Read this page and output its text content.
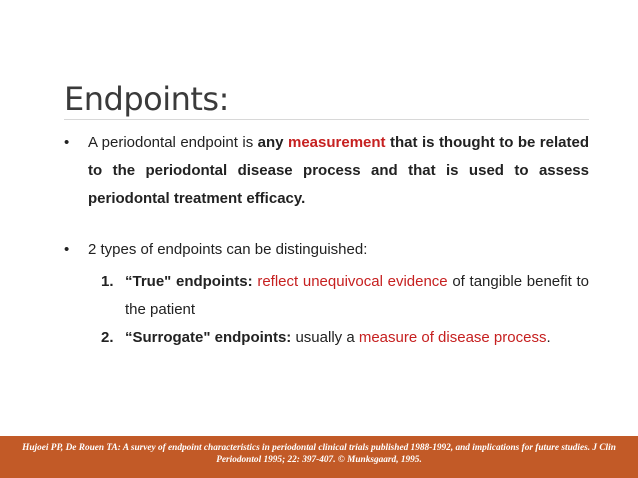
Endpoints:
• A periodontal endpoint is any measurement that is thought to be related to the periodontal disease process and that is used to assess periodontal treatment efficacy.
• 2 types of endpoints can be distinguished:
1. “True" endpoints: reflect unequivocal evidence of tangible benefit to the patient
2. “Surrogate" endpoints: usually a measure of disease process.
Hujoei PP, De Rouen TA: A survey of endpoint characteristics in periodontal clinical trials published 1988-1992, and implications for future studies. J Clin Periodontol 1995; 22: 397-407. © Munksgaard, 1995.
